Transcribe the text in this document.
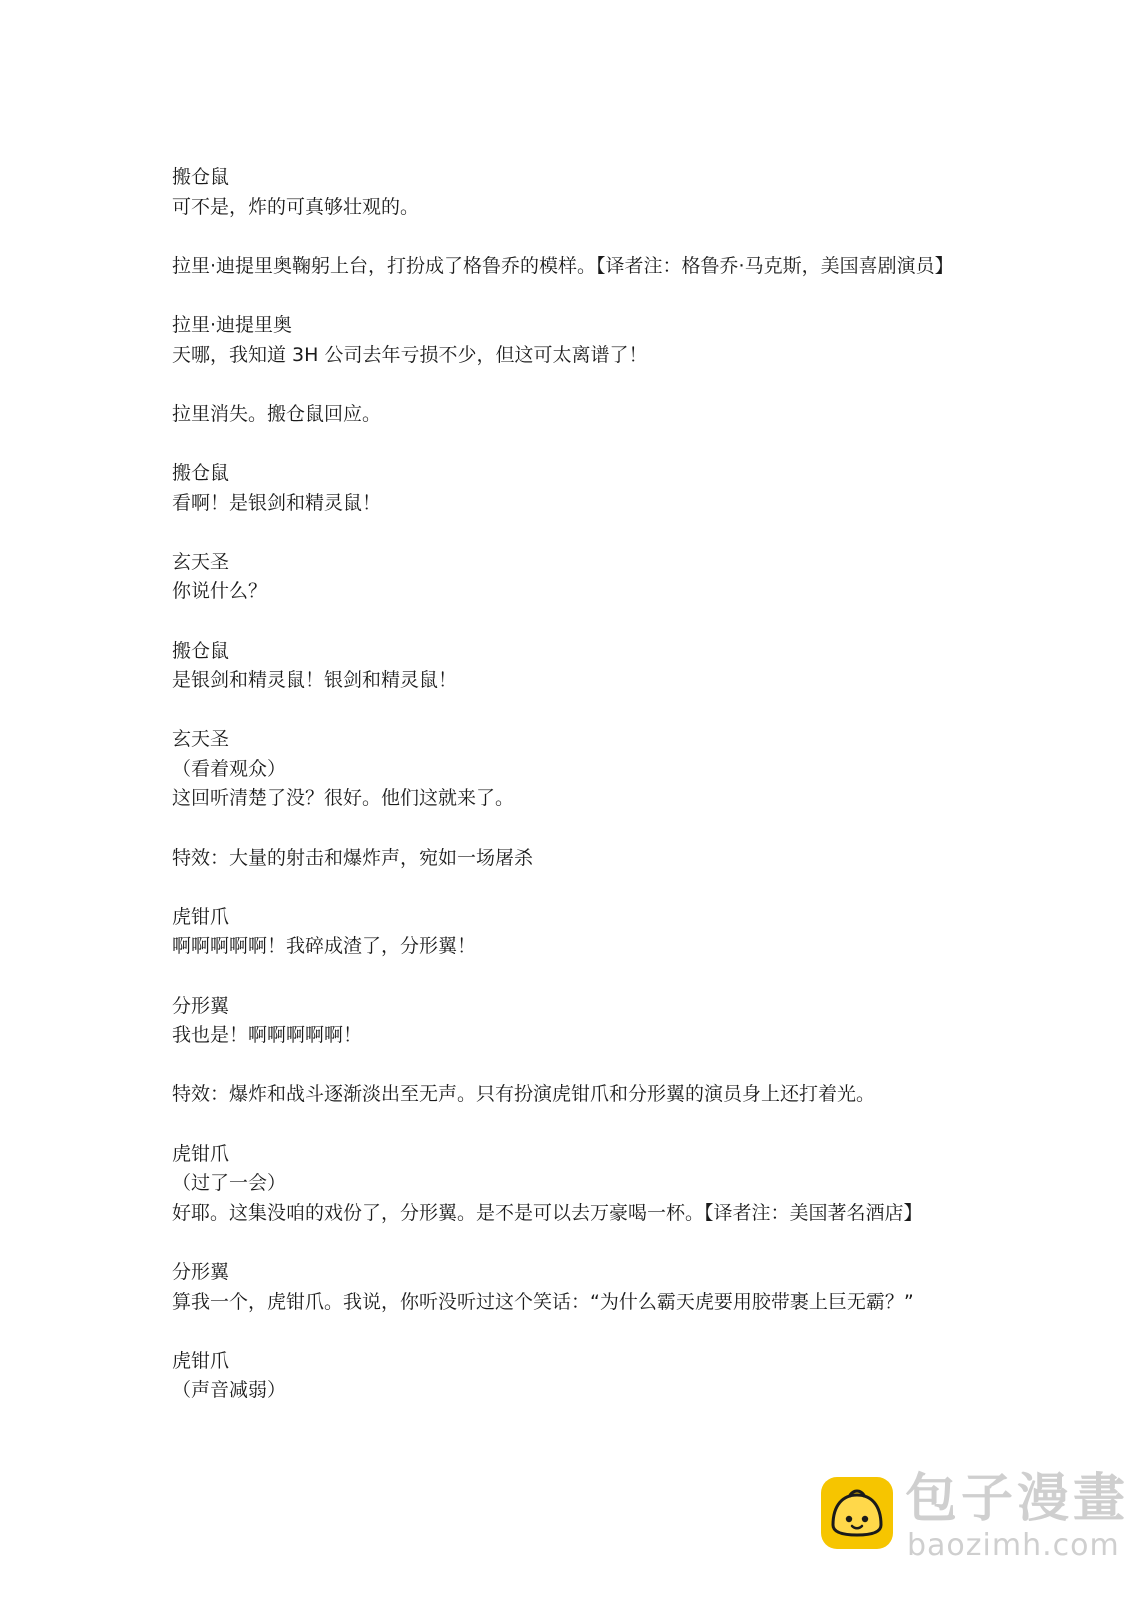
搬仓鼠

可不是，炸的可真够壮观的。

拉里·迪提里奥鞠躬上台，打扮成了格鲁乔的模样。【译者注：格鲁乔·马克斯，美国喜剧演员】

拉里·迪提里奥

天哪，我知道 3H 公司去年亏损不少，但这可太离谱了！

拉里消失。搬仓鼠回应。

搬仓鼠

看啊！是银剑和精灵鼠！

玄天圣

你说什么？

搬仓鼠

是银剑和精灵鼠！银剑和精灵鼠！

玄天圣

（看着观众）

这回听清楚了没？很好。他们这就来了。

特效：大量的射击和爆炸声，宛如一场屠杀

虎钳爪

啊啊啊啊啊！我碎成渣了，分形翼！

分形翼

我也是！啊啊啊啊啊！

特效：爆炸和战斗逐渐淡出至无声。只有扮演虎钳爪和分形翼的演员身上还打着光。

虎钳爪

（过了一会）

好耶。这集没咱的戏份了，分形翼。是不是可以去万豪喝一杯。【译者注：美国著名酒店】

分形翼

算我一个，虎钳爪。我说，你听没听过这个笑话：“为什么霸天虎要用胶带裹上巨无霸？”

虎钳爪

（声音减弱）

包子漫畫
baozimh.com
